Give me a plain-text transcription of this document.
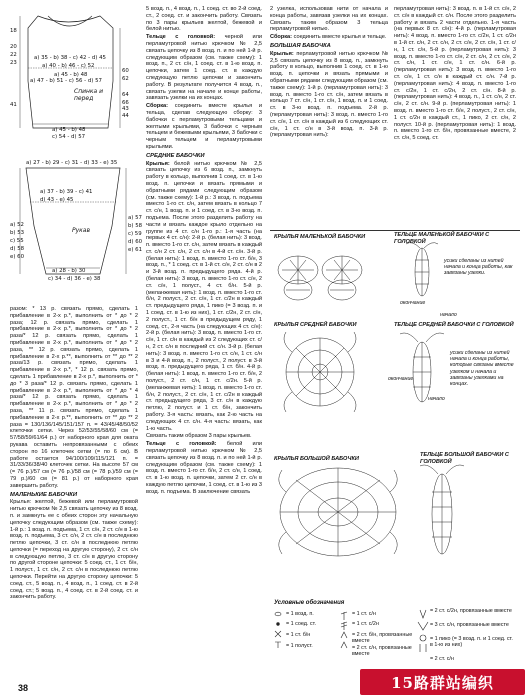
18
20
22
23
41
a) 35 - b) 38 - c) 42 - d) 45
a) 40 - b) 46 - c) 52
a) 45 - b) 48
a) 47 - b) 51 - c) 56 - d) 57
Спинка и перед
60
62
64
66
43
44
a) 45 - b) 48
c) 54 - d) 57
a) 27 - b) 29 - c) 31 - d) 33 - e) 35
a) 37 - b) 39 - c) 41
d) 43 - e) 45
Рукав
a) 52
b) 53
c) 55
d) 58
e) 60
a) 57
b) 58
c) 59
d) 60
e) 61
a) 28 - b) 30
c) 34 - d) 36 - e) 38

разом: * 13 р. связать прямо, сделать 1 прибавление в 2-х р.*, выполнить от * до * 2 раза; 12 р. связать прямо, сделать 1 прибавление в 2-х р.*, выполнить от * до * 2 раза/* 12 р. связать прямо, сделать 1 прибавление в 2-х р.*, выполнить от * до * 2 раза, ** 12 р. связать прямо, сделать 1 прибавление в 2-х р.**, выполнить от ** до ** 2 раза/13 р. связать прямо, сделать 1 прибавление в 2-х р.*, * 12 р. связать прямо, сделать 1 прибавление в 2-х р.*, выполнить от * до * 3 раза/* 12 р. связать прямо, сделать 1 прибавление в 2-х р.*, выполнить от * до * 4 раза/* 12 р. связать прямо, сделать 1 прибавление в 2-х р.*, выполнить от * до * 2 раза, ** 11 р. связать прямо, сделать 1 прибавление в 2-х р.**, выполнить от ** до ** 2 раза = 130/136/145/151/157 п. = 43/45/48/50/52 клеточки сетки. Через 52/53/55/58/60 см (= 57/58/59/61/64 р.) от наборного края для оката рукава оставить непровязанными с обеих сторон по 16 клеточек сетки (= по 6 см). В работе остается 94/100/109/115/121 п. = 31/33/36/38/40 клеточек сетки. На высоте 57 см (= 76 р.)/57 см (= 76 р.)/58 см (= 78 р.)/59 см (= 79 р.)/60 см (= 81 р.) от наборного края завершить работу.

МАЛЕНЬКИЕ БАБОЧКИ

Крылья: желтой, бежевой или перламутровой нитью крючком № 2,5 связать цепочку из 8 возд. п. и замкнуть ее с обеих сторон эту начальную цепочку следующим образом (см. также схему): 1-й р.: 1 возд. п. подъема, 1 ст. с/н, 2 ст. с/н в 1-ю возд. п. подъема, 3 ст. с/н, 2 ст. с/н в последнюю петлю цепочки, 3 ст. с/н в последнюю петлю цепочки (= переход на другую сторону), 2 ст. с/н в следующую петлю, 3 ст. с/н в другую сторону по другой стороне цепочки: 5 соед. ст., 1 ст. б/н, 1 полуст., 1 ст. с/н, 2 ст. с/н в последнюю петлю цепочки. Перейти на другую сторону цепочки: 5 соед. ст., 5 возд. п., 4 возд. п., 1 соед. ст. в 2-й соед. ст.; 5 возд. п., 4 соед. ст. в 2-й соед. ст. и закончить работу.

5 возд. п., 4 возд. п., 1 соед. ст. во 2-й соед. ст., 2 соед. ст. и закончить работу. Связать по 3 пары крыльев желтой, бежевой и белой нитью.

Тельце с головкой: черной или перламутровой нитью крючком № 2,5 связать цепочку из 8 возд. п. и по ней 1-й р. следующим образом (см. также схему): 1 возд. п., 2 ст. с/н, 1 соед. ст. в 1-ю возд. п. цепочки, затем 1 соед. ст. в каждую следующую петлю цепочки и закончить работу. В результате получится 4 возд. п., связать узелки на начале и конце работы, завязать узелки на их концах.

Сборка: соединить вместе крылья и тельца, сделав следующую сборку: 3 бабочки с перламутровыми тельцами и желтыми крыльями, 3 бабочки с черным тельцем и бежевыми крыльями, 3 бабочки с черным тельцем и перламутровыми крыльями.

СРЕДНИЕ БАБОЧКИ

Крылья: белой нитью крючком № 2,5 связать цепочку из 6 возд. п., замкнуть работу в кольцо, выполнив 1 соед. ст. в 1-ю возд. п. цепочки и вязать прямыми и обратными рядами следующим образом (см. также схему): 1-й р.: 3 возд. п. подъема вместо 1-го ст. с/н, затем вязать в кольцо 7 ст. с/н, 1 возд. п. и 1 соед. ст. в 3-ю возд. п. подъема. После этого разделить работу на части и вязать каждое крыло отдельно на группе из 4 ст. с/н 1-го р.: 1-я часть (на первых 4 ст. с/н): 2-й р. (белая нить): 3 возд. п. вместо 1-го ст. с/н, затем вязать в каждый ст. с/н 2 ст. с/н, 2 ст. с/н в 4-й ст. с/н. 3-й р. (белая нить): 1 возд. п. вместо 1-го ст. б/н, 3 возд. п., * 1 соед. ст. в 1-й ст. с/н, 2 ст. с/н в 2 и 3-й возд. п. предыдущего ряда. 4-й р. (белая нить): 3 возд. п. вместо 1-го ст. с/н, 2 ст. с/н, 1 полуст., 4 ст. б/н. 5-й р. (меланжевая нить): 1 возд. п. вместо 1-го ст. б/н, 2 полуст., 2 ст. с/н, 1 ст. с/2н в каждый ст. предыдущего ряда, 1 пико (= 3 возд. п. и 1 соед. ст. в 1-ю из них), 1 ст. с/2н, 2 ст. с/н, 2 полуст., 1 ст. б/н в предыдущем ряду, 1 соед. ст., 2-я часть (на следующих 4 ст. с/н): 2-й р. (белая нить): 3 возд. п. вместо 1-го ст. с/н, 1 ст. с/н в каждый из 2 следующих ст. с/н, 2 ст. с/н в последний ст. с/н. 3-й р. (белая нить): 3 возд. п. вместо 1-го ст. с/н, 1 ст. с/н в 3 и 4-й возд. п., 2 полуст., 2 полуст. в 3-й возд. п. предыдущего ряда, 1 ст. б/н. 4-й р. (белая нить): 1 возд. п. вместо 1-го ст. б/н, 2 полуст., 2 ст. с/н, 1 ст. с/2н. 5-й р. (меланжевая нить): 1 возд. п. вместо 1-го ст. б/н, 2 полуст., 2 ст. с/н, 1 ст. с/2н в каждый ст. предыдущего ряда, 3 ст. с/н в каждую петлю, 2 полуст. и 1 ст. б/н, закончить работу. 3-я часть: вязать, как 2-ю часть на следующих 4 ст. с/н. 4-я часть: вязать, как 1-ю часть.

Связать таким образом 3 пары крыльев.

Тельце с головкой: белой или перламутровой нитью крючком № 2,5 связать цепочку из 8 возд. п. и по ней 1-й р. следующим образом (см. также схему): 1 возд. п. вместо 1-го ст. б/н, 2 ст. с/н, 1 соед. ст. в 1-ю возд. п. цепочки, затем 2 ст. с/н в каждую петлю цепочки, 1 соед. ст. в 1-ю из 3 возд. п. подъема. В заключение связать

2 узелка, использовав нити от начала и конца работы, завязав узелки на их концах. Связать таким образом 3 тельца перламутровой нитью.

Сборка: соединить вместе крылья и тельце.

БОЛЬШАЯ БАБОЧКА

Крылья: перламутровой нитью крючком № 2,5 связать цепочку из 8 возд. п., замкнуть работу в кольцо, выполнив 1 соед. ст. в 1-ю возд. п. цепочки и вязать прямыми и обратными рядами следующим образом (см. также схему): 1-й р. (перламутровая нить): 3 возд. п. вместо 1-го ст. с/н, затем вязать в кольцо 7 ст. с/н, 1 ст. с/н, 1 возд. п. и 1 соед. ст. в 3-ю возд. п. подъема. 2-й р. (перламутровая нить): 3 возд. п. вместо 1-го ст. с/н, 1 ст. с/н в каждый из 6 следующих ст. с/н, 1 ст. с/н в 3-й возд. п. 3-й р. (перламутровая нить):

перламутровая нить): 3 возд. п. в 1-й ст. с/н, 2 ст. с/н в каждый ст. с/н. После этого разделить работу и вязать 2 части отдельно. 1-я часть (на первых 8 ст. с/н): 4-й р. (перламутровая нить): 4 возд. п. вместо 1-го ст. с/2н, 1 ст. с/2н в 1-й ст. с/н, 2 ст. с/н, 2 ст. с/н, 2 ст. с/н, 1 ст. с/н, 1 ст. с/н, 5-й р. (перламутровая нить): 3 возд. п. вместо 1-го ст. с/н, 2 ст. с/н, 2 ст. с/н, 2 ст. с/н, 1 ст. с/н, 1 ст. с/н. 6-й р. (перламутровая нить): 3 возд. п. вместо 1-го ст. с/н, 1 ст. с/н в каждый ст. с/н. 7-й р. (перламутровая нить): 4 возд. п. вместо 1-го ст. с/2н, 1 ст. с/2н, 2 ст. с/н. 8-й р. (перламутровая нить): 4 возд. п., 1 ст. с/н, 2 ст. с/н, 2 ст. с/н. 9-й р. (перламутровая нить): 1 возд. п. вместо 1-го ст. б/н, 2 полуст., 2 ст. с/н, 1 ст. с/2н в каждый ст., 1 пико, 2 ст. с/н, 2 полуст. 10-й р. (перламутровая нить): 1 возд. п. вместо 1-го ст. б/н, провязанные вместе, 2 ст. с/н, 5 соед. ст.

КРЫЛЬЯ МАЛЕНЬКОЙ БАБОЧКИ	ТЕЛЬЦЕ МАЛЕНЬКОЙ БАБОЧКИ С ГОЛОВКОЙ
усики сделаны из нитей начала и конца работы, как завязаны узелки.
окончание
начало
КРЫЛЬЯ СРЕДНЕЙ БАБОЧКИ	ТЕЛЬЦЕ СРЕДНЕЙ БАБОЧКИ С ГОЛОВКОЙ
усики сделаны из нитей начала и конца работы, которые связаны вместе узелком и начала и завязаны узелками на концах.
окончание
начало
КРЫЛЬЯ БОЛЬШОЙ БАБОЧКИ
ТЕЛЬЦЕ БОЛЬШОЙ БАБОЧКИ С ГОЛОВКОЙ
Условные обозначения
= 1 возд. п.
= 1 соед. ст.
= 1 ст. б/н
= 1 полуст.
= 1 ст. с/н
= 1 ст. с/2н
= 2 ст. б/н, провязанные вместе
= 2 ст. с/н, провязанные вместе
= 2 ст. с/2н, провязанные вместе
= 3 ст. с/н, провязанные вместе
= 1 пико (= 3 возд. п. и 1 соед. ст. в 1-ю из них)
= 2 ст. с/н
38	15路群站编织
